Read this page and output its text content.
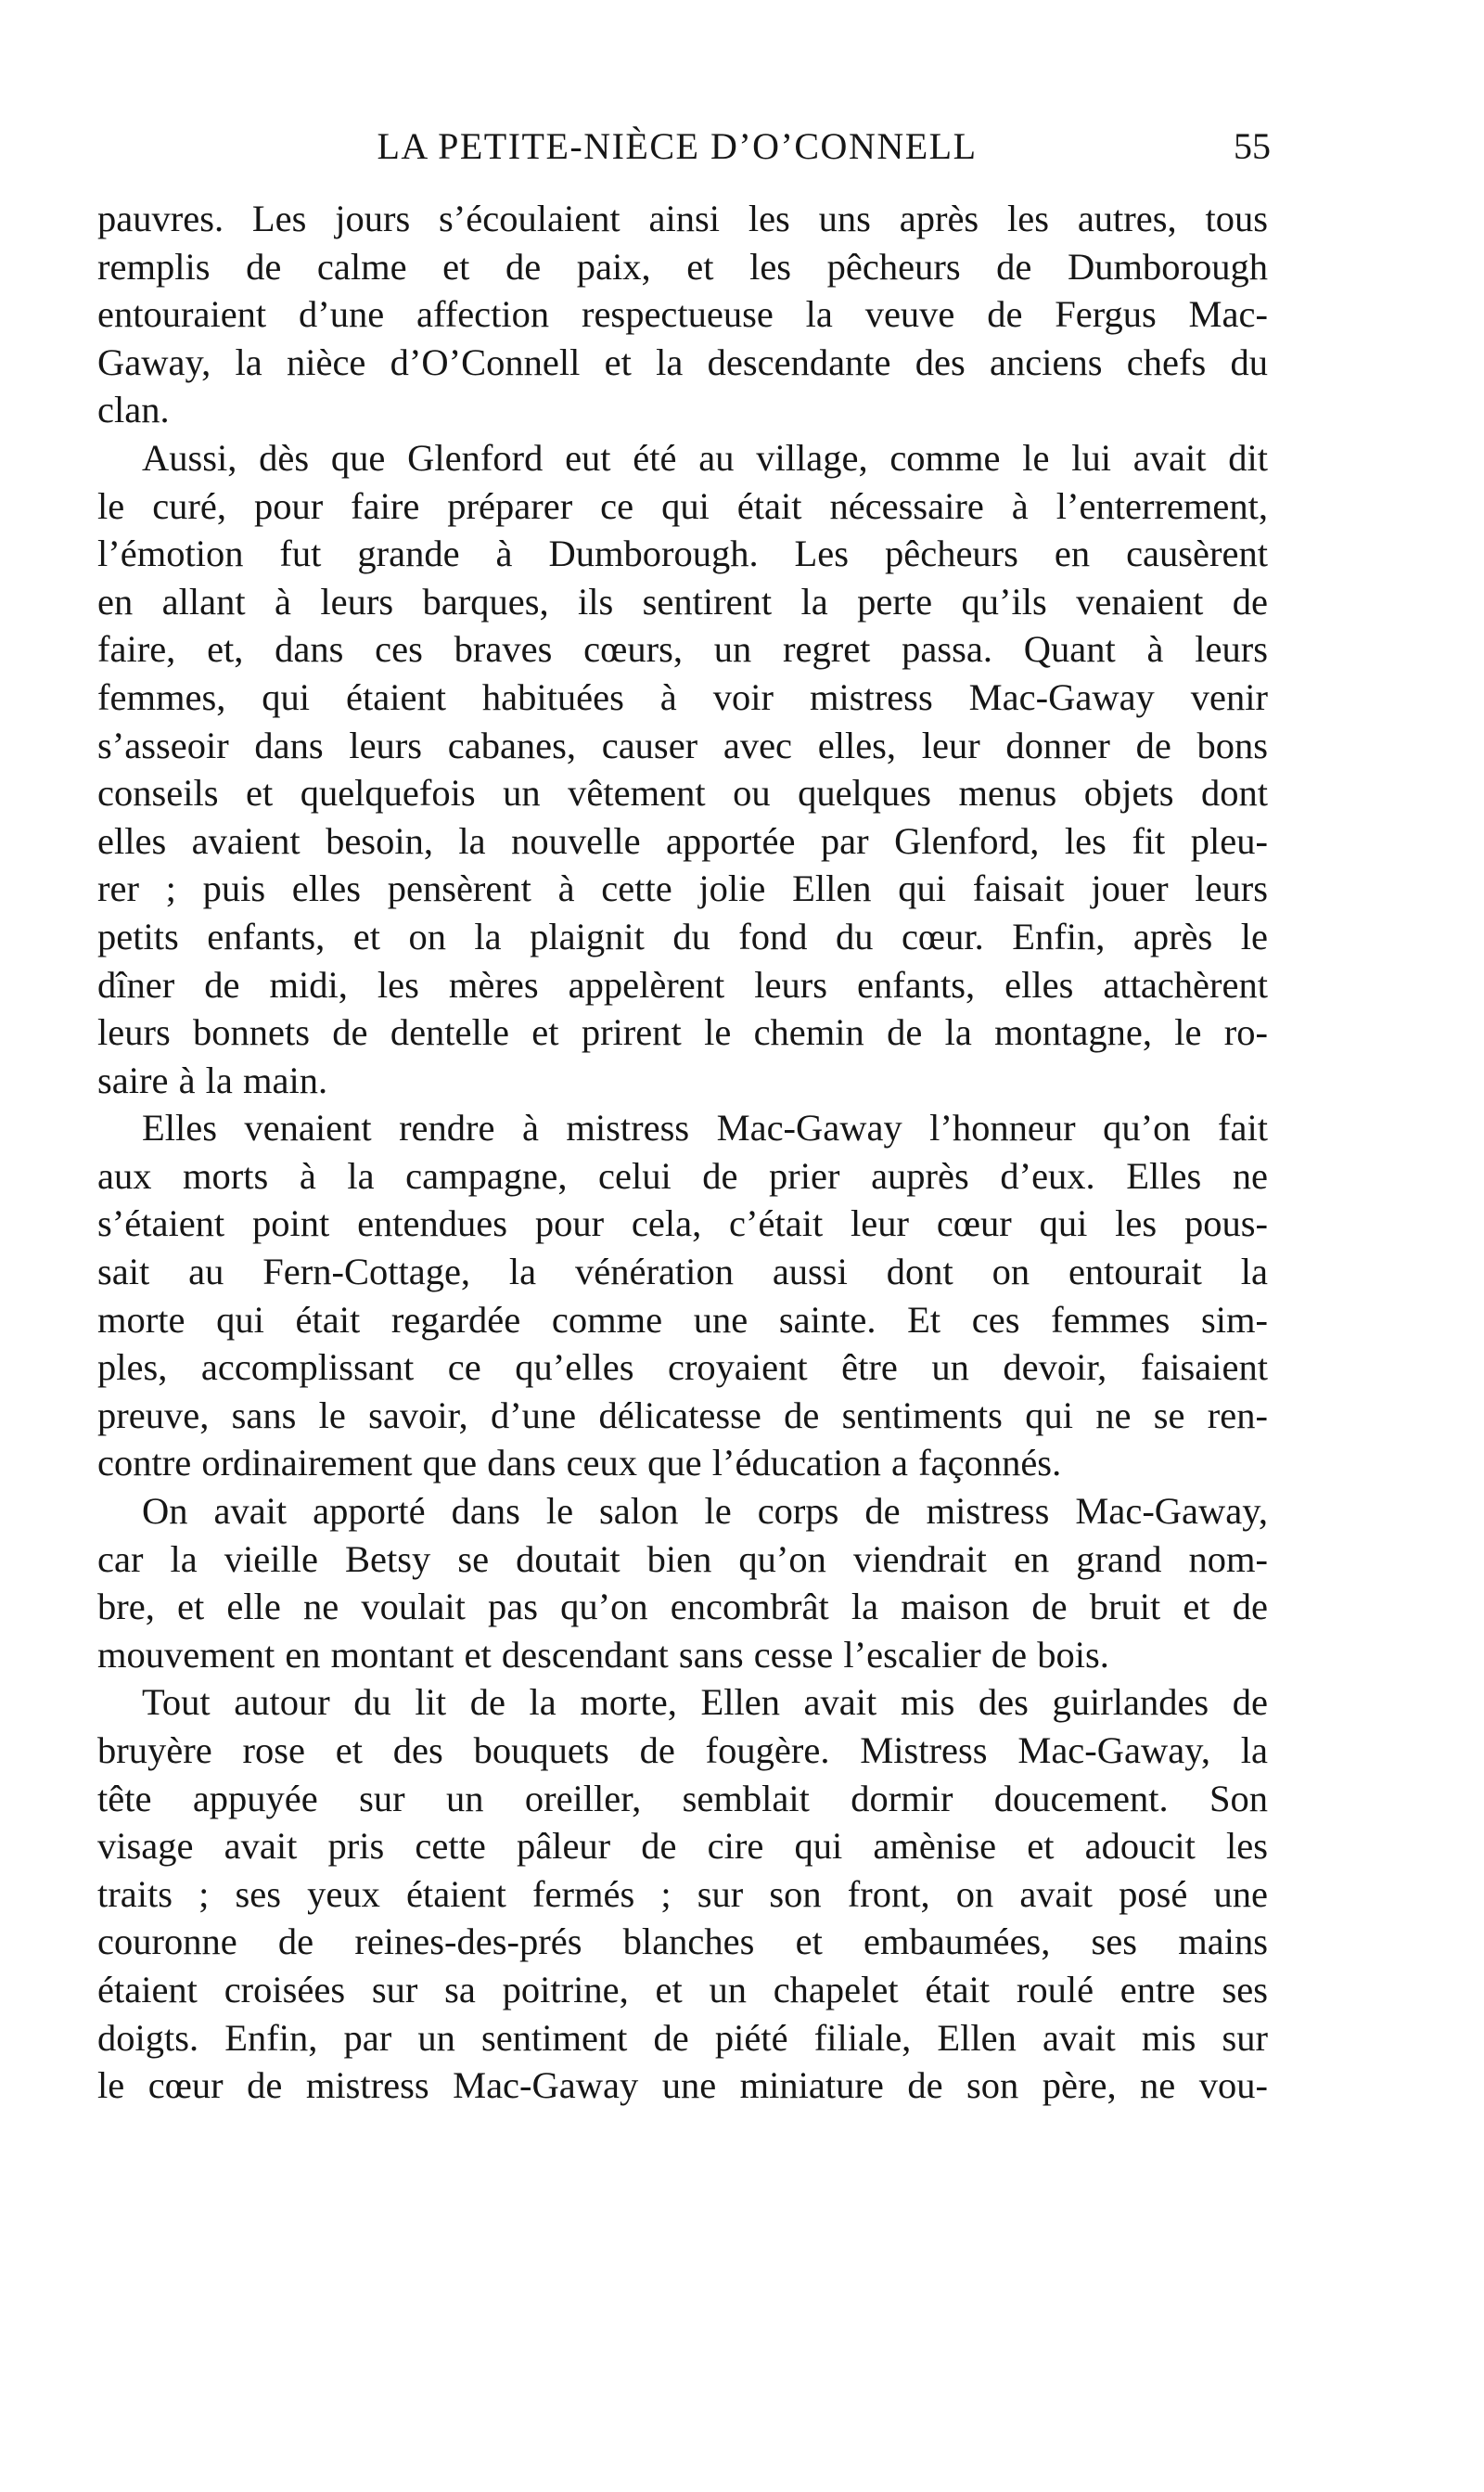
LA PETITE-NIÈCE D’O’CONNELL	55

pauvres. Les jours s’écoulaient ainsi les uns après les autres, tous

remplis de calme et de paix, et les pêcheurs de Dumborough

entouraient d’une affection respectueuse la veuve de Fergus Mac-

Gaway, la nièce d’O’Connell et la descendante des anciens chefs du

clan.

Aussi, dès que Glenford eut été au village, comme le lui avait dit

le curé, pour faire préparer ce qui était nécessaire à l’enterrement,

l’émotion fut grande à Dumborough. Les pêcheurs en causèrent

en allant à leurs barques, ils sentirent la perte qu’ils venaient de

faire, et, dans ces braves cœurs, un regret passa. Quant à leurs

femmes, qui étaient habituées à voir mistress Mac-Gaway venir

s’asseoir dans leurs cabanes, causer avec elles, leur donner de bons

conseils et quelquefois un vêtement ou quelques menus objets dont

elles avaient besoin, la nouvelle apportée par Glenford, les fit pleu-

rer ; puis elles pensèrent à cette jolie Ellen qui faisait jouer leurs

petits enfants, et on la plaignit du fond du cœur. Enfin, après le

dîner de midi, les mères appelèrent leurs enfants, elles attachèrent

leurs bonnets de dentelle et prirent le chemin de la montagne, le ro-

saire à la main.

Elles venaient rendre à mistress Mac-Gaway l’honneur qu’on fait

aux morts à la campagne, celui de prier auprès d’eux. Elles ne

s’étaient point entendues pour cela, c’était leur cœur qui les pous-

sait au Fern-Cottage, la vénération aussi dont on entourait la

morte qui était regardée comme une sainte. Et ces femmes sim-

ples, accomplissant ce qu’elles croyaient être un devoir, faisaient

preuve, sans le savoir, d’une délicatesse de sentiments qui ne se ren-

contre ordinairement que dans ceux que l’éducation a façonnés.

On avait apporté dans le salon le corps de mistress Mac-Gaway,

car la vieille Betsy se doutait bien qu’on viendrait en grand nom-

bre, et elle ne voulait pas qu’on encombrât la maison de bruit et de

mouvement en montant et descendant sans cesse l’escalier de bois.

Tout autour du lit de la morte, Ellen avait mis des guirlandes de

bruyère rose et des bouquets de fougère. Mistress Mac-Gaway, la

tête appuyée sur un oreiller, semblait dormir doucement. Son

visage avait pris cette pâleur de cire qui amènise et adoucit les

traits ; ses yeux étaient fermés ; sur son front, on avait posé une

couronne de reines-des-prés blanches et embaumées, ses mains

étaient croisées sur sa poitrine, et un chapelet était roulé entre ses

doigts. Enfin, par un sentiment de piété filiale, Ellen avait mis sur

le cœur de mistress Mac-Gaway une miniature de son père, ne vou-
